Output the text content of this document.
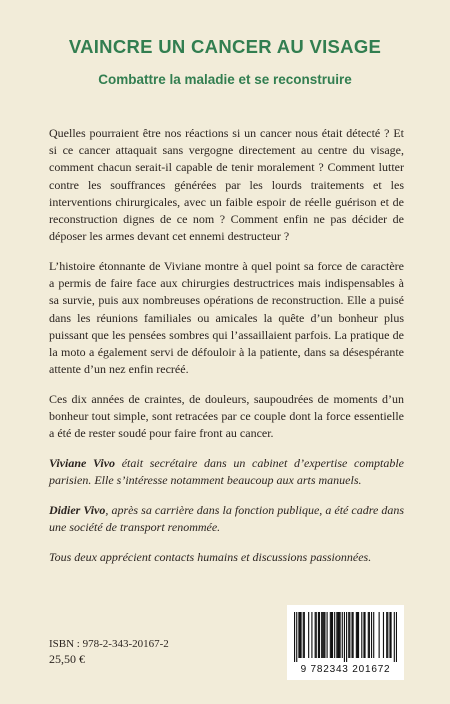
VAINCRE UN CANCER AU VISAGE
Combattre la maladie et se reconstruire

Quelles pourraient être nos réactions si un cancer nous était détecté ? Et si ce cancer attaquait sans vergogne directement au centre du visage, comment chacun serait-il capable de tenir moralement ? Comment lutter contre les souffrances générées par les lourds traitements et les interventions chirurgicales, avec un faible espoir de réelle guérison et de reconstruction dignes de ce nom ? Comment enfin ne pas décider de déposer les armes devant cet ennemi destructeur ?

L’histoire étonnante de Viviane montre à quel point sa force de caractère a permis de faire face aux chirurgies destructrices mais indispensables à sa survie, puis aux nombreuses opérations de reconstruction. Elle a puisé dans les réunions familiales ou amicales la quête d’un bonheur plus puissant que les pensées sombres qui l’assaillaient parfois. La pratique de la moto a également servi de défouloir à la patiente, dans sa désespérante attente d’un nez enfin recréé.

Ces dix années de craintes, de douleurs, saupoudrées de moments d’un bonheur tout simple, sont retracées par ce couple dont la force essentielle a été de rester soudé pour faire front au cancer.

Viviane Vivo était secrétaire dans un cabinet d’expertise comptable parisien. Elle s’intéresse notamment beaucoup aux arts manuels.

Didier Vivo, après sa carrière dans la fonction publique, a été cadre dans une société de transport renommée.

Tous deux apprécient contacts humains et discussions passionnées.

ISBN : 978-2-343-20167-2
25,50 €
9 782343 201672
